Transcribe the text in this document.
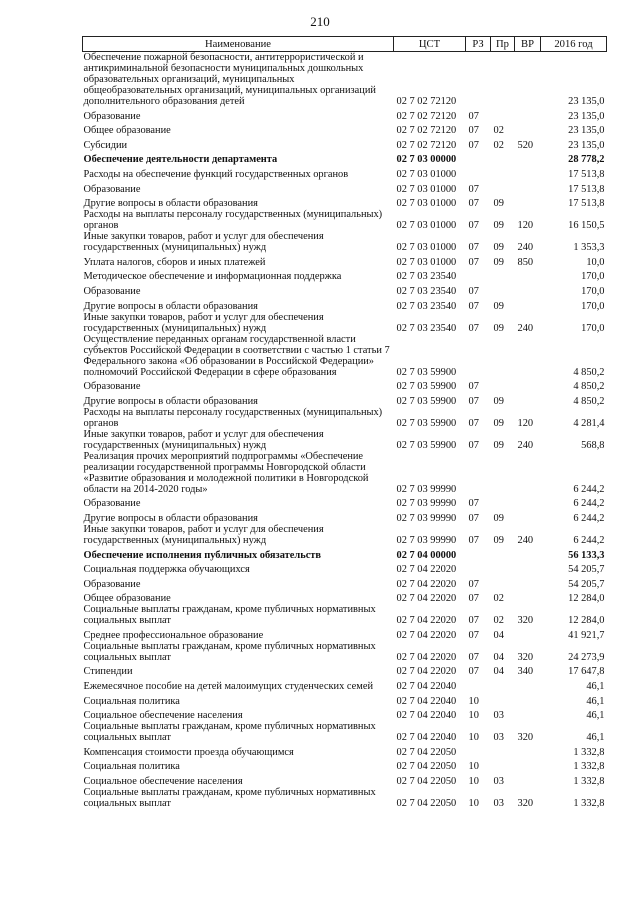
210
Наименование	ЦСТ	РЗ	Пр	ВР	2016 год
Обеспечение пожарной безопасности, антитеррористической и антикриминальной безопасности муниципальных дошкольных образовательных организаций, муниципальных общеобразовательных организаций, муниципальных организаций дополнительного образования детей	02 7 02 72120				23 135,0
Образование	02 7 02 72120	07			23 135,0
Общее образование	02 7 02 72120	07	02		23 135,0
Субсидии	02 7 02 72120	07	02	520	23 135,0
Обеспечение деятельности департамента	02 7 03 00000				28 778,2
Расходы на обеспечение функций государственных органов	02 7 03 01000				17 513,8
Образование	02 7 03 01000	07			17 513,8
Другие вопросы в области образования	02 7 03 01000	07	09		17 513,8
Расходы на выплаты персоналу государственных (муниципальных) органов	02 7 03 01000	07	09	120	16 150,5
Иные закупки товаров, работ и услуг для обеспечения государственных (муниципальных) нужд	02 7 03 01000	07	09	240	1 353,3
Уплата налогов, сборов и иных платежей	02 7 03 01000	07	09	850	10,0
Методическое обеспечение и информационная поддержка	02 7 03 23540				170,0
Образование	02 7 03 23540	07			170,0
Другие вопросы в области образования	02 7 03 23540	07	09		170,0
Иные закупки товаров, работ и услуг для обеспечения государственных (муниципальных) нужд	02 7 03 23540	07	09	240	170,0
Осуществление переданных органам государственной власти субъектов Российской Федерации в соответствии с частью 1 статьи 7 Федерального закона «Об образовании в Российской Федерации» полномочий Российской Федерации в сфере образования	02 7 03 59900				4 850,2
Образование	02 7 03 59900	07			4 850,2
Другие вопросы в области образования	02 7 03 59900	07	09		4 850,2
Расходы на выплаты персоналу государственных (муниципальных) органов	02 7 03 59900	07	09	120	4 281,4
Иные закупки товаров, работ и услуг для обеспечения государственных (муниципальных) нужд	02 7 03 59900	07	09	240	568,8
Реализация прочих мероприятий подпрограммы «Обеспечение реализации государственной программы Новгородской области «Развитие образования и молодежной политики в Новгородской области на 2014-2020 годы»	02 7 03 99990				6 244,2
Образование	02 7 03 99990	07			6 244,2
Другие вопросы в области образования	02 7 03 99990	07	09		6 244,2
Иные закупки товаров, работ и услуг для обеспечения государственных (муниципальных) нужд	02 7 03 99990	07	09	240	6 244,2
Обеспечение исполнения публичных обязательств	02 7 04 00000				56 133,3
Социальная поддержка обучающихся	02 7 04 22020				54 205,7
Образование	02 7 04 22020	07			54 205,7
Общее образование	02 7 04 22020	07	02		12 284,0
Социальные выплаты гражданам, кроме публичных нормативных социальных выплат	02 7 04 22020	07	02	320	12 284,0
Среднее профессиональное образование	02 7 04 22020	07	04		41 921,7
Социальные выплаты гражданам, кроме публичных нормативных социальных выплат	02 7 04 22020	07	04	320	24 273,9
Стипендии	02 7 04 22020	07	04	340	17 647,8
Ежемесячное пособие на детей малоимущих студенческих семей	02 7 04 22040				46,1
Социальная политика	02 7 04 22040	10			46,1
Социальное обеспечение населения	02 7 04 22040	10	03		46,1
Социальные выплаты гражданам, кроме публичных нормативных социальных выплат	02 7 04 22040	10	03	320	46,1
Компенсация стоимости проезда обучающимся	02 7 04 22050				1 332,8
Социальная политика	02 7 04 22050	10			1 332,8
Социальное обеспечение населения	02 7 04 22050	10	03		1 332,8
Социальные выплаты гражданам, кроме публичных нормативных социальных выплат	02 7 04 22050	10	03	320	1 332,8
